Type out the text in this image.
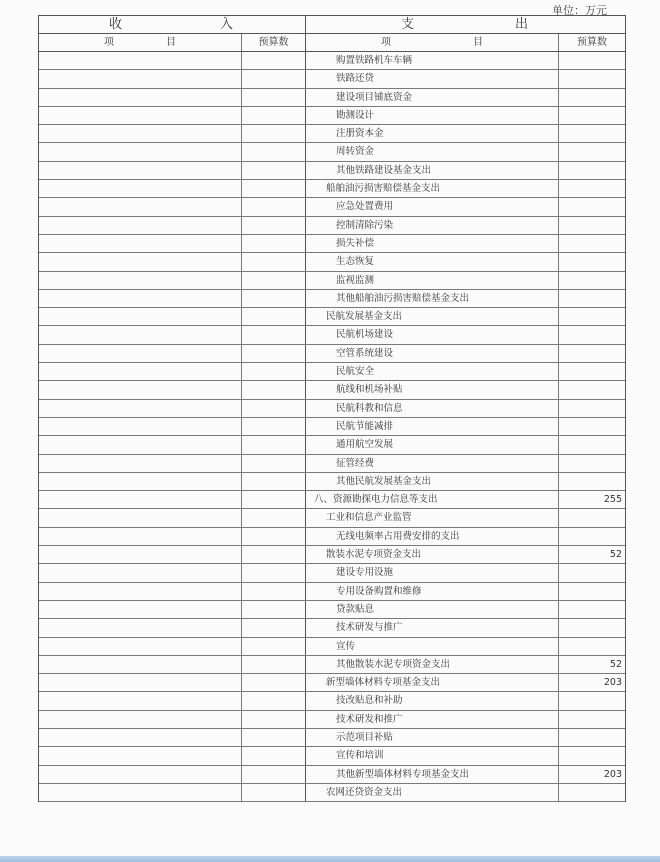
单位：万元
收	入	支	出
项	目	预算数	项	目	预算数
购置铁路机车车辆
铁路还贷
建设项目铺底资金
勘测设计
注册资本金
周转资金
其他铁路建设基金支出
船舶油污损害赔偿基金支出
应急处置费用
控制清除污染
损失补偿
生态恢复
监视监测
其他船舶油污损害赔偿基金支出
民航发展基金支出
民航机场建设
空管系统建设
民航安全
航线和机场补贴
民航科教和信息
民航节能减排
通用航空发展
征管经费
其他民航发展基金支出
八、资源勘探电力信息等支出	255
工业和信息产业监管
无线电频率占用费安排的支出
散装水泥专项资金支出	52
建设专用设施
专用设备购置和维修
贷款贴息
技术研发与推广
宣传
其他散装水泥专项资金支出	52
新型墙体材料专项基金支出	203
技改贴息和补助
技术研发和推广
示范项目补贴
宣传和培训
其他新型墙体材料专项基金支出	203
农网还贷资金支出
